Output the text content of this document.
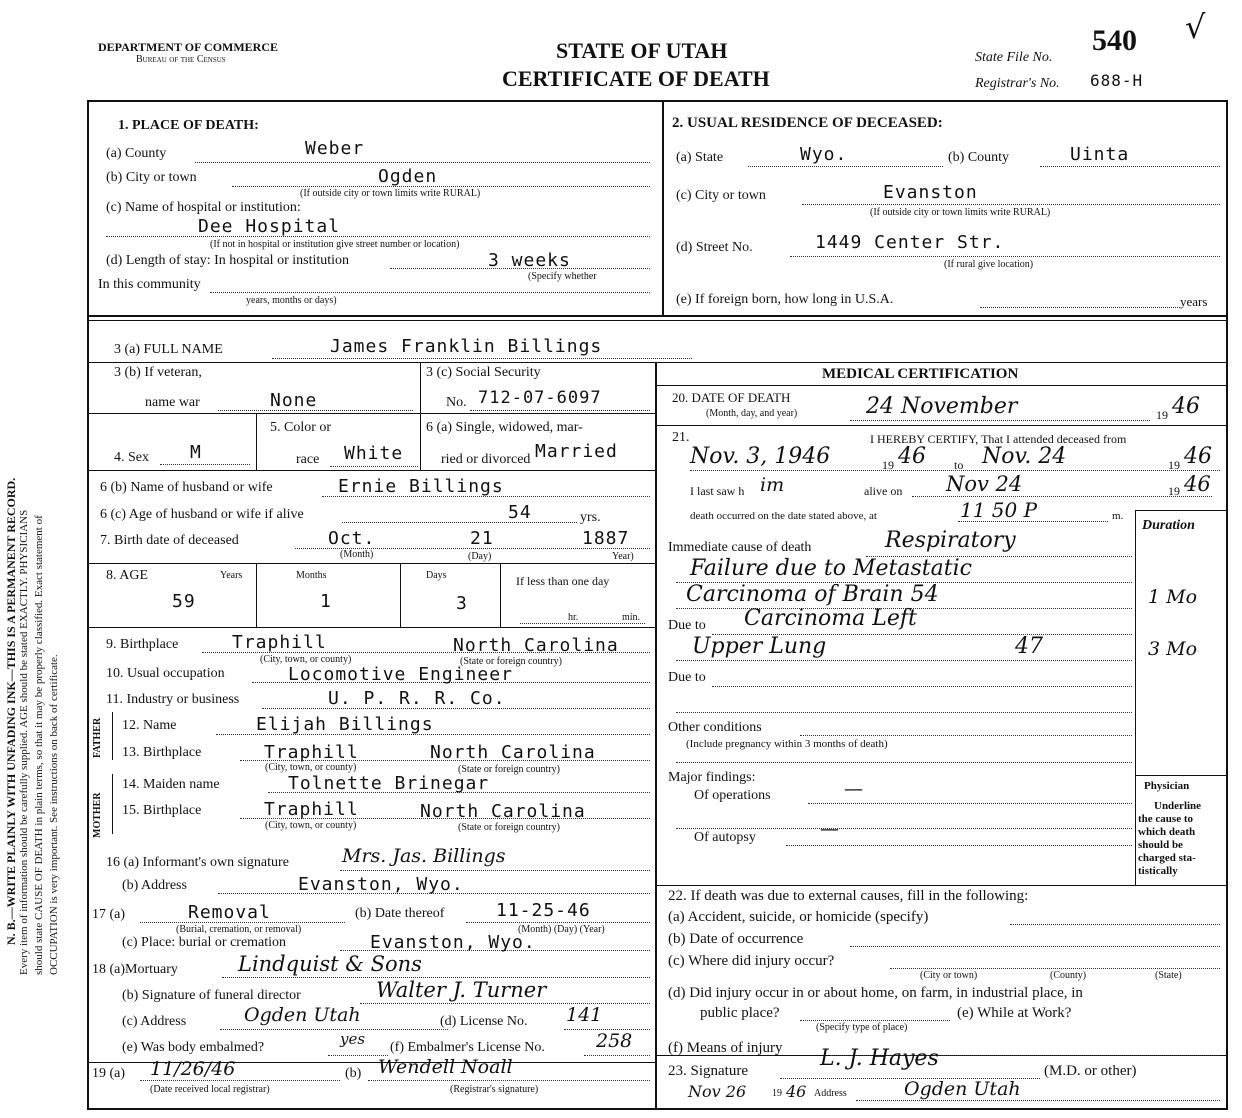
N. B.—WRITE PLAINLY WITH UNFADING INK—THIS IS A PERMANENT RECORD. Every item of information should be carefully supplied. AGE should be stated EXACTLY. PHYSICIANS should state CAUSE OF DEATH in plain terms, so that it may be properly classified. Exact statement of OCCUPATION is very important. See instructions on back of certificate.
DEPARTMENT OF COMMERCE
Bureau of the Census	STATE OF UTAH
CERTIFICATE OF DEATH
State File No.
540 √
Registrar's No. 688-H
1. PLACE OF DEATH:
(a) County	Weber
(b) City or town	Ogden
(If outside city or town limits write RURAL)
(c) Name of hospital or institution:
Dee Hospital
(If not in hospital or institution give street number or location)
(d) Length of stay: In hospital or institution	3 weeks
(Specify whether
In this community
years, months or days)
2. USUAL RESIDENCE OF DECEASED:
(a) State	Wyo.	(b) County	Uinta
(c) City or town	Evanston
(If outside city or town limits write RURAL)
(d) Street No.	1449 Center Str.
(If rural give location)
(e) If foreign born, how long in U.S.A.	years
3 (a) FULL NAME	James Franklin Billings
3 (b) If veteran,
name war	None
3 (c) Social Security
No. 712-07-6097
4. Sex M
5. Color or
race White
6 (a) Single, widowed, mar-
ried or divorced Married
6 (b) Name of husband or wife	Ernie Billings
6 (c) Age of husband or wife if alive	54	yrs.
7. Birth date of deceased	Oct.	21	1887
(Month)	(Day)	Year)
8. AGE	Years	Months	Days	If less than one day
59	1	3
hr.	min.
9. Birthplace	Traphill	North Carolina
(City, town, or county)	(State or foreign country)
10. Usual occupation	Locomotive Engineer
11. Industry or business	U. P. R. R. Co.
FATHER
MOTHER
12. Name	Elijah Billings
13. Birthplace	Traphill	North Carolina
(City, town, or county)	(State or foreign country)
14. Maiden name	Tolnette Brinegar
15. Birthplace	Traphill	North Carolina
(City, town, or county)	(State or foreign country)
16 (a) Informant's own signature	Mrs. Jas. Billings
(b) Address	Evanston, Wyo.
17 (a)	Removal
(Burial, cremation, or removal)
(b) Date thereof	11-25-46
(Month) (Day) (Year)
(c) Place: burial or cremation	Evanston, Wyo.
18 (a)Mortuary	Lindquist & Sons
(b) Signature of funeral director	Walter J. Turner
(c) Address	Ogden Utah	(d) License No. 141
(e) Was body embalmed?	yes (f) Embalmer's License No.	258
19 (a) 11/26/46
(Date received local registrar)
(b) Wendell Noall
(Registrar's signature)
MEDICAL CERTIFICATION
20. DATE OF DEATH
(Month, day, and year)	24 November	19 46
21.	I HEREBY CERTIFY, That I attended deceased from
Nov. 3, 1946	19 46 to Nov. 24	19 46
I last saw h im	alive on Nov 24	19 46
death occurred on the date stated above, at	11 50 P	m.
Duration
Immediate cause of death	Respiratory
Failure due to Metastatic
Carcinoma of Brain 54	1 Mo
Due to Carcinoma Left
Upper Lung	47	3 Mo
Due to
Other conditions
(Include pregnancy within 3 months of death)
Major findings:
Of operations	—
Of autopsy	—
Physician
Underline
the cause to
which death
should be
charged sta-
tistically
22. If death was due to external causes, fill in the following:
(a) Accident, suicide, or homicide (specify)
(b) Date of occurrence
(c) Where did injury occur?
(City or town)	(County)	(State)
(d) Did injury occur in or about home, on farm, in industrial place, in
public place?	(e) While at Work?
(Specify type of place)
(f) Means of injury
23. Signature	L. J. Hayes	(M.D. or other)
Nov 26	19 46 Address	Ogden Utah
